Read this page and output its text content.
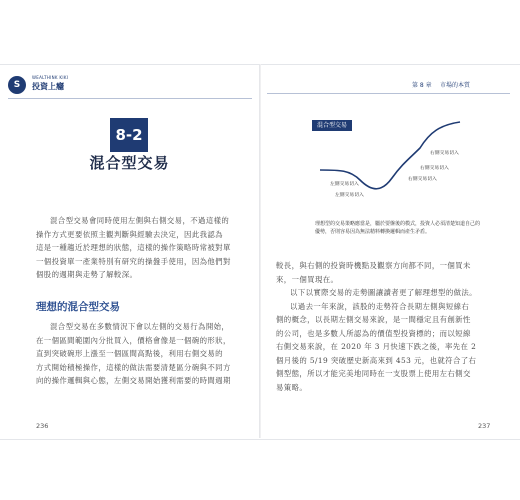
S
WEALTHINK KIKI
投資上癮
8-2
混合型交易
混合型交易會同時使用左側與右側交易，不過這樣的
操作方式更要依照主觀判斷與經驗去決定，因此我認為
這是一種趨近於理想的狀態，這樣的操作策略時常被對單
一個投資單一產業特別有研究的操盤手使用，因為他們對
個股的週期與走勢了解較深。
理想的混合型交易
混合型交易在多數情況下會以左側的交易行為開始，
在一個區間範圍內分批買入，價格會像是一個碗的形狀，
直到突破碗形上漲至一個區間高點後，利用右側交易的
方式開始積極操作，這樣的做法需要清楚區分碗與不同方
向的操作邏輯與心態，左側交易開始獲利需要的時間週期
236
第 8 章 市場的本質
混合型交易
左側交易切入
左側交易切入
右側交易切入
右側交易切入
右側交易切入
理想型的交易策略應當是，屬於要盤後的模式，投資人必須清楚知道自己的
優勢，否則容易因為無法精料轉換邏輯而產生矛盾。
較長，與右側的投資時機點及觀察方向都不同，一個買未
來，一個買現在。
以下以實際交易的走勢圖讓讀者更了解理想型的做法。
以過去一年來說，該股的走勢符合長期左側與短線右
側的概念，以長期左側交易來說，是一間穩定且有創新性
的公司，也是多數人所認為的價值型投資標的；而以短線
右側交易來說，在 2020 年 3 月快速下跌之後，率先在 2
個月後的 5/19 突破歷史新高來到 453 元，也就符合了右
側型態，所以才能完美地同時在一支股票上使用左右側交
易策略。
237
